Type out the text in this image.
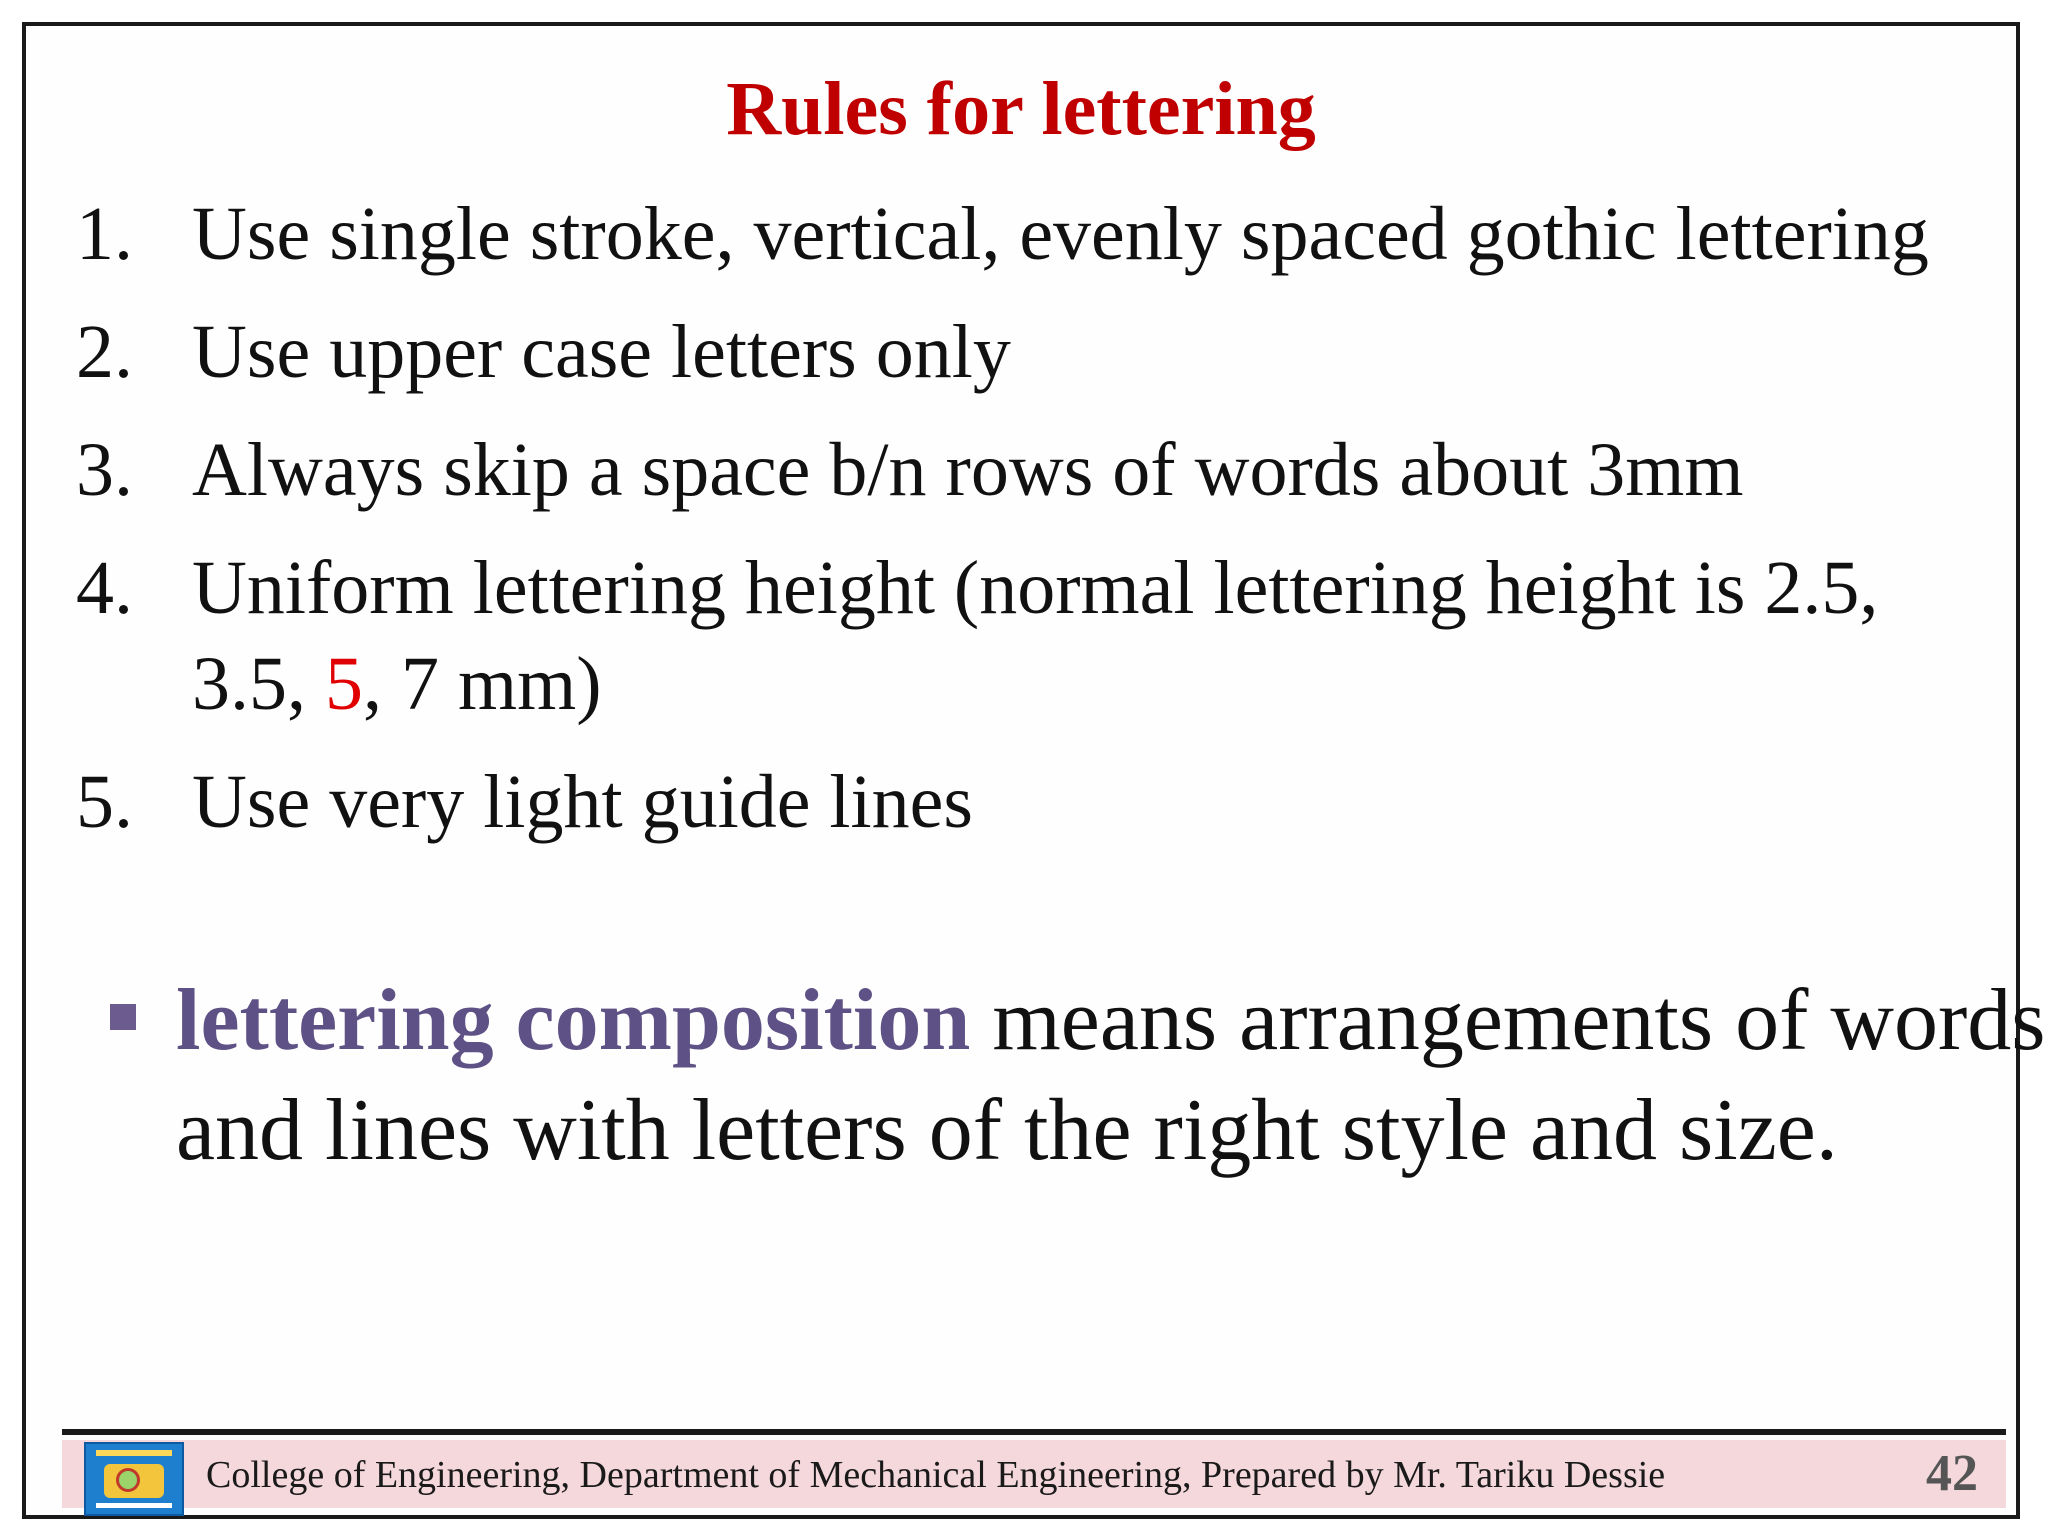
Rules for lettering
1. Use single stroke, vertical, evenly spaced gothic lettering
2. Use upper case letters only
3. Always skip a space b/n rows of words about 3mm
4. Uniform lettering height (normal lettering height is 2.5, 3.5, 5, 7 mm)
5. Use very light guide lines
lettering composition means arrangements of words and lines with letters of the right style and size.
College of Engineering, Department of Mechanical Engineering, Prepared by Mr. Tariku Dessie	42
